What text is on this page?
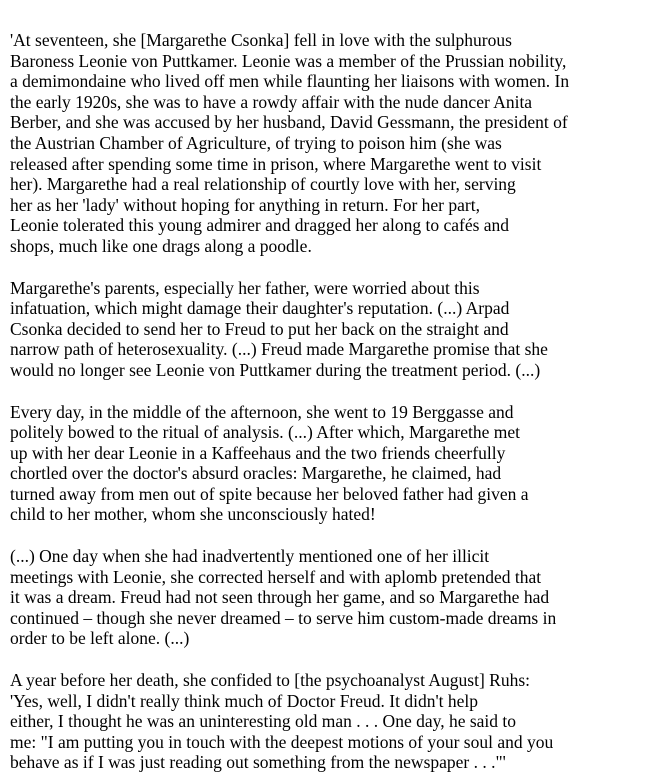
'At seventeen, she [Margarethe Csonka] fell in love with the sulphurous
Baroness Leonie von Puttkamer. Leonie was a member of the Prussian nobility,
a demimondaine who lived off men while flaunting her liaisons with women. In
the early 1920s, she was to have a rowdy affair with the nude dancer Anita
Berber, and she was accused by her husband, David Gessmann, the president of
the Austrian Chamber of Agriculture, of trying to poison him (she was
released after spending some time in prison, where Margarethe went to visit
her). Margarethe had a real relationship of courtly love with her, serving
her as her 'lady' without hoping for anything in return. For her part,
Leonie tolerated this young admirer and dragged her along to cafés and
shops, much like one drags along a poodle.

Margarethe's parents, especially her father, were worried about this
infatuation, which might damage their daughter's reputation. (...) Arpad
Csonka decided to send her to Freud to put her back on the straight and
narrow path of heterosexuality. (...) Freud made Margarethe promise that she
would no longer see Leonie von Puttkamer during the treatment period. (...)

Every day, in the middle of the afternoon, she went to 19 Berggasse and
politely bowed to the ritual of analysis. (...) After which, Margarethe met
up with her dear Leonie in a Kaffeehaus and the two friends cheerfully
chortled over the doctor's absurd oracles: Margarethe, he claimed, had
turned away from men out of spite because her beloved father had given a
child to her mother, whom she unconsciously hated!

(...) One day when she had inadvertently mentioned one of her illicit
meetings with Leonie, she corrected herself and with aplomb pretended that
it was a dream. Freud had not seen through her game, and so Margarethe had
continued – though she never dreamed – to serve him custom-made dreams in
order to be left alone. (...)

A year before her death, she confided to [the psychoanalyst August] Ruhs:
'Yes, well, I didn't really think much of Doctor Freud. It didn't help
either, I thought he was an uninteresting old man . . . One day, he said to
me: "I am putting you in touch with the deepest motions of your soul and you
behave as if I was just reading out something from the newspaper . . ."'
